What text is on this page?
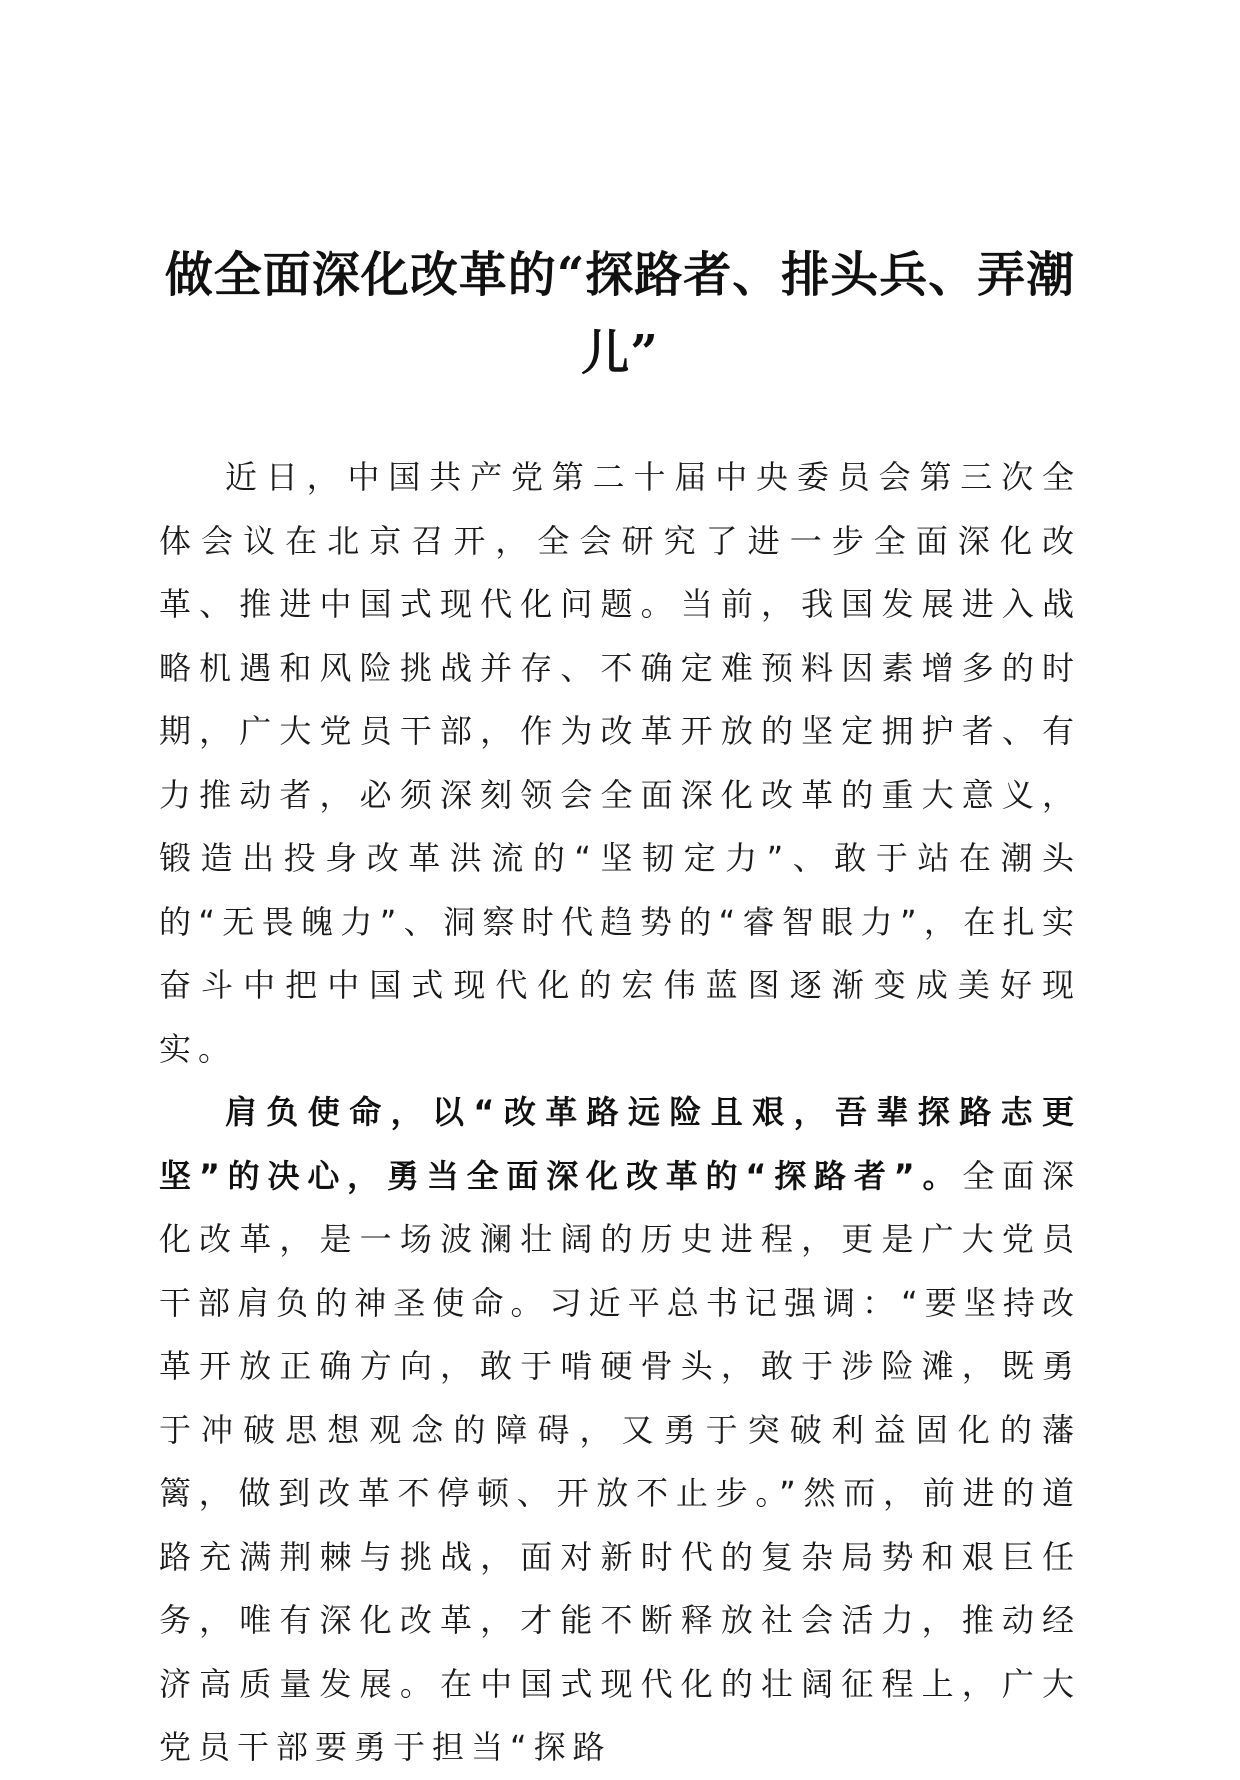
做全面深化改革的“探路者、排头兵、弄潮
儿”

近日，中国共产党第二十届中央委员会第三次全体会议在北京召开，全会研究了进一步全面深化改革、推进中国式现代化问题。当前，我国发展进入战略机遇和风险挑战并存、不确定难预料因素增多的时期，广大党员干部，作为改革开放的坚定拥护者、有力推动者，必须深刻领会全面深化改革的重大意义，锻造出投身改革洪流的“坚韧定力”、敢于站在潮头的“无畏魄力”、洞察时代趋势的“睿智眼力”，在扎实奋斗中把中国式现代化的宏伟蓝图逐渐变成美好现实。

肩负使命，以“改革路远险且艰，吾辈探路志更坚”的决心，勇当全面深化改革的“探路者”。全面深化改革，是一场波澜壮阔的历史进程，更是广大党员干部肩负的神圣使命。习近平总书记强调：“要坚持改革开放正确方向，敢于啃硬骨头，敢于涉险滩，既勇于冲破思想观念的障碍，又勇于突破利益固化的藩篱，做到改革不停顿、开放不止步。”然而，前进的道路充满荆棘与挑战，面对新时代的复杂局势和艰巨任务，唯有深化改革，才能不断释放社会活力，推动经济高质量发展。在中国式现代化的壮阔征程上，广大党员干部要勇于担当“探路
